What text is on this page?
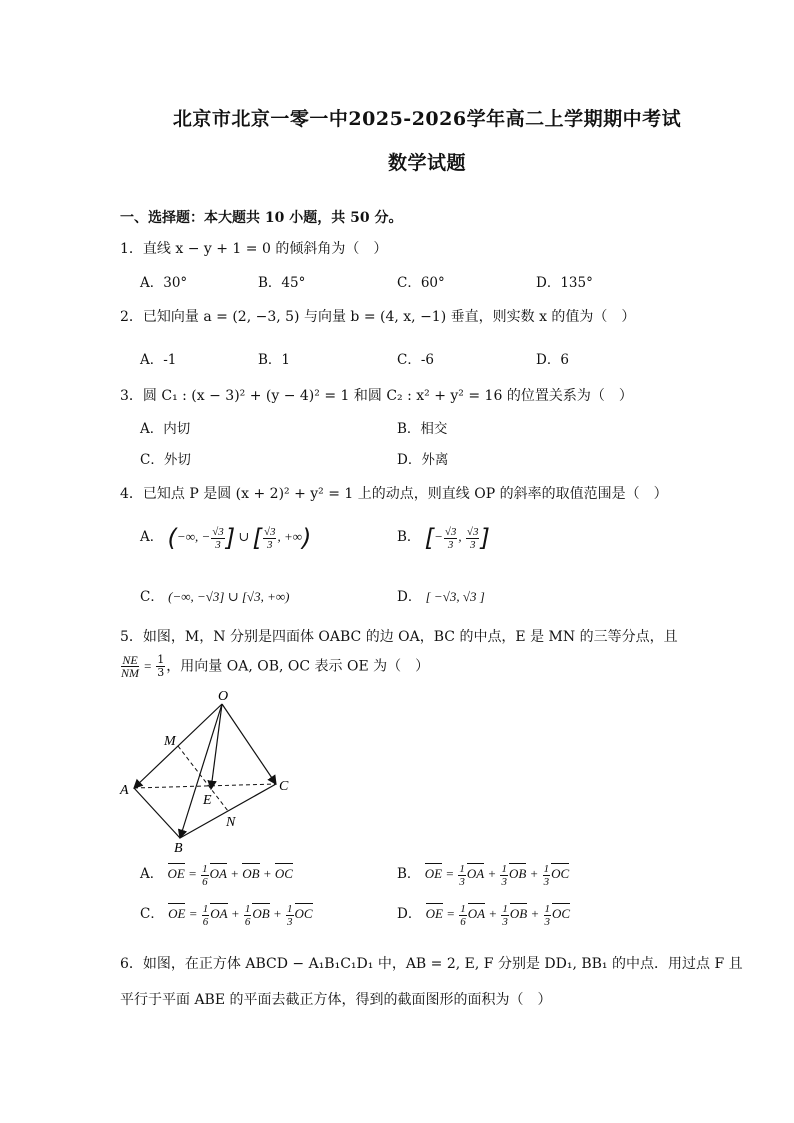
北京市北京一零一中2025-2026学年高二上学期期中考试
数学试题
一、选择题：本大题共 10 小题，共 50 分。
1．直线 x − y + 1 = 0 的倾斜角为（　）
A．30°	B．45°	C．60°	D．135°
2．已知向量 a = (2, −3, 5) 与向量 b = (4, x, −1) 垂直，则实数 x 的值为（　）
A．-1	B．1	C．-6	D．6
3．圆 C₁ : (x − 3)² + (y − 4)² = 1 和圆 C₂ : x² + y² = 16 的位置关系为（　）
A．内切	B．相交
C．外切	D．外离
4．已知点 P 是圆 (x + 2)² + y² = 1 上的动点，则直线 OP 的斜率的取值范围是（　）
A． (−∞, − $\frac{√3}{3}$ ] ∪ [ $\frac{√3}{3}$ , +∞)	B． [− $\frac{√3}{3}$ , $\frac{√3}{3}$ ]
C． (−∞, −√3] ∪ [√3, +∞)	D． [ −√3, √3 ]
5．如图，M，N 分别是四面体 OABC 的边 OA，BC 的中点，E 是 MN 的三等分点，且
$\frac{NE}{NM} = \frac{1}{3}$ ，用向量 OA, OB, OC 表示 OE 为（　）
O
M
A
E
C
N
B
A． OE = $\frac{1}{6}$ OA + OB + OC	B． OE = $\frac{1}{3}$ OA + $\frac{1}{3}$ OB + $\frac{1}{3}$ OC
C． OE = $\frac{1}{6}$ OA + $\frac{1}{6}$ OB + $\frac{1}{3}$ OC	D． OE = $\frac{1}{6}$ OA + $\frac{1}{3}$ OB + $\frac{1}{3}$ OC
6．如图，在正方体 ABCD − A₁B₁C₁D₁ 中，AB = 2, E, F 分别是 DD₁, BB₁ 的中点．用过点 F 且
平行于平面 ABE 的平面去截正方体，得到的截面图形的面积为（　）
